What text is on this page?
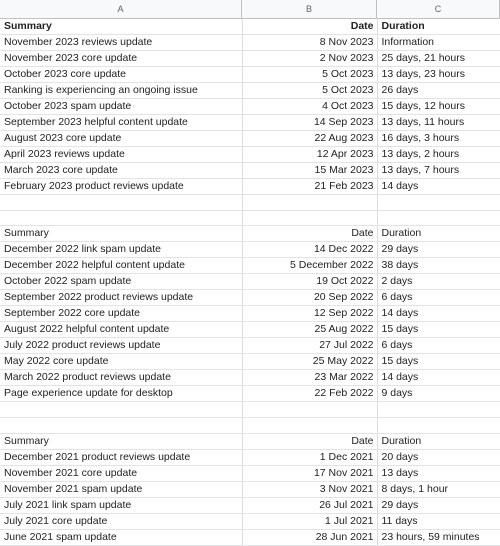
A	B	C
Summary	Date	Duration
November 2023 reviews update	8 Nov 2023	Information
November 2023 core update	2 Nov 2023	25 days, 21 hours
October 2023 core update	5 Oct 2023	13 days, 23 hours
Ranking is experiencing an ongoing issue	5 Oct 2023	26 days
October 2023 spam update	4 Oct 2023	15 days, 12 hours
September 2023 helpful content update	14 Sep 2023	13 days, 11 hours
August 2023 core update	22 Aug 2023	16 days, 3 hours
April 2023 reviews update	12 Apr 2023	13 days, 2 hours
March 2023 core update	15 Mar 2023	13 days, 7 hours
February 2023 product reviews update	21 Feb 2023	14 days

Summary	Date	Duration
December 2022 link spam update	14 Dec 2022	29 days
December 2022 helpful content update	5 December 2022	38 days
October 2022 spam update	19 Oct 2022	2 days
September 2022 product reviews update	20 Sep 2022	6 days
September 2022 core update	12 Sep 2022	14 days
August 2022 helpful content update	25 Aug 2022	15 days
July 2022 product reviews update	27 Jul 2022	6 days
May 2022 core update	25 May 2022	15 days
March 2022 product reviews update	23 Mar 2022	14 days
Page experience update for desktop	22 Feb 2022	9 days

Summary	Date	Duration
December 2021 product reviews update	1 Dec 2021	20 days
November 2021 core update	17 Nov 2021	13 days
November 2021 spam update	3 Nov 2021	8 days, 1 hour
July 2021 link spam update	26 Jul 2021	29 days
July 2021 core update	1 Jul 2021	11 days
June 2021 spam update	28 Jun 2021	23 hours, 59 minutes
